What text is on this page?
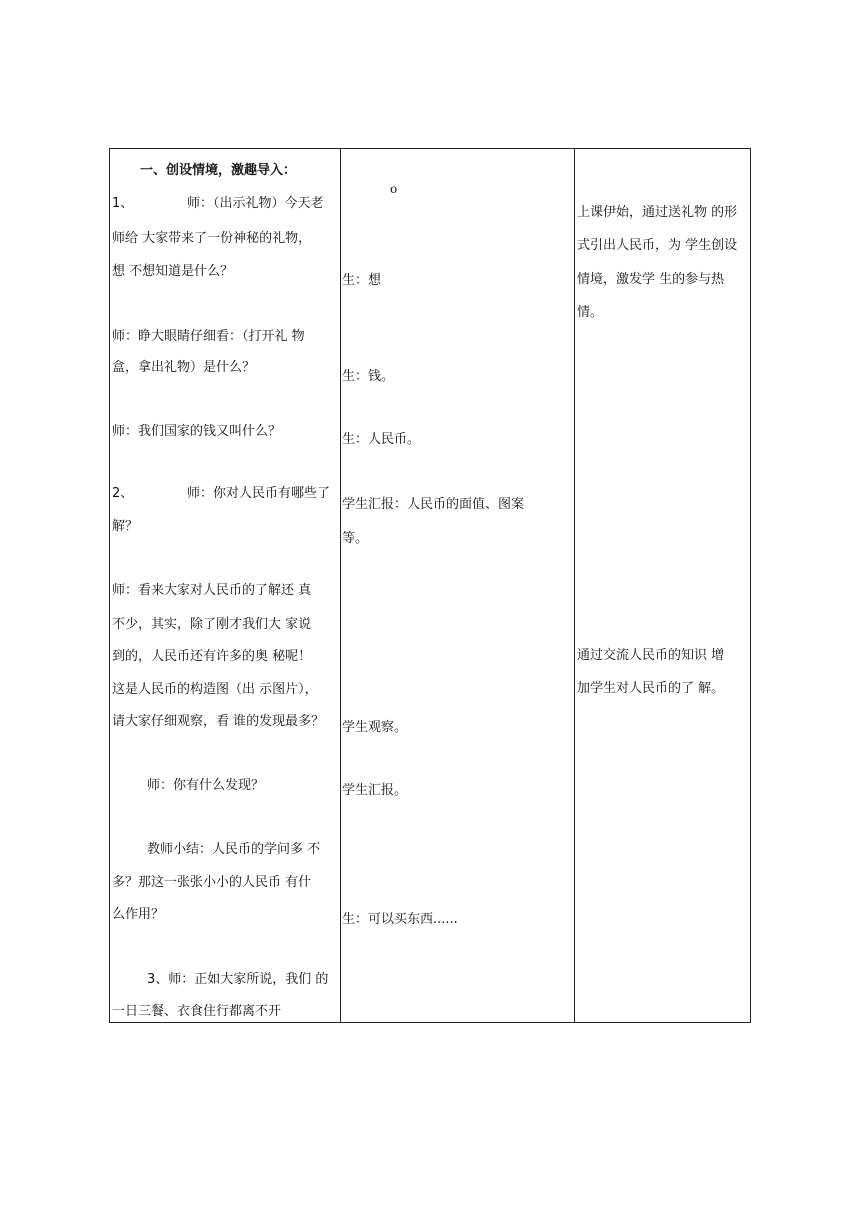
一、创设情境，激趣导入：
1、	师：（出示礼物）今天老
师给 大家带来了一份神秘的礼物，
想 不想知道是什么？
师：睁大眼睛仔细看：（打开礼 物
盒，拿出礼物）是什么？
师：我们国家的钱又叫什么？
2、	师：你对人民币有哪些了
解？
师：看来大家对人民币的了解还 真
不少，其实，除了刚才我们大 家说
到的，人民币还有许多的奥 秘呢！
这是人民币的构造图（出 示图片），
请大家仔细观察，看 谁的发现最多？
师：你有什么发现？
教师小结：人民币的学问多 不
多？那这一张张小小的人民币 有什
么作用？
3、师：正如大家所说，我们 的
一日三餐、衣食住行都离不开
o
生：想
生：钱。
生：人民币。
学生汇报：人民币的面值、图案
等。
学生观察。
学生汇报。
生：可以买东西......
上课伊始，通过送礼物 的形
式引出人民币，为 学生创设
情境，激发学 生的参与热
情。
通过交流人民币的知识 增
加学生对人民币的了 解。
